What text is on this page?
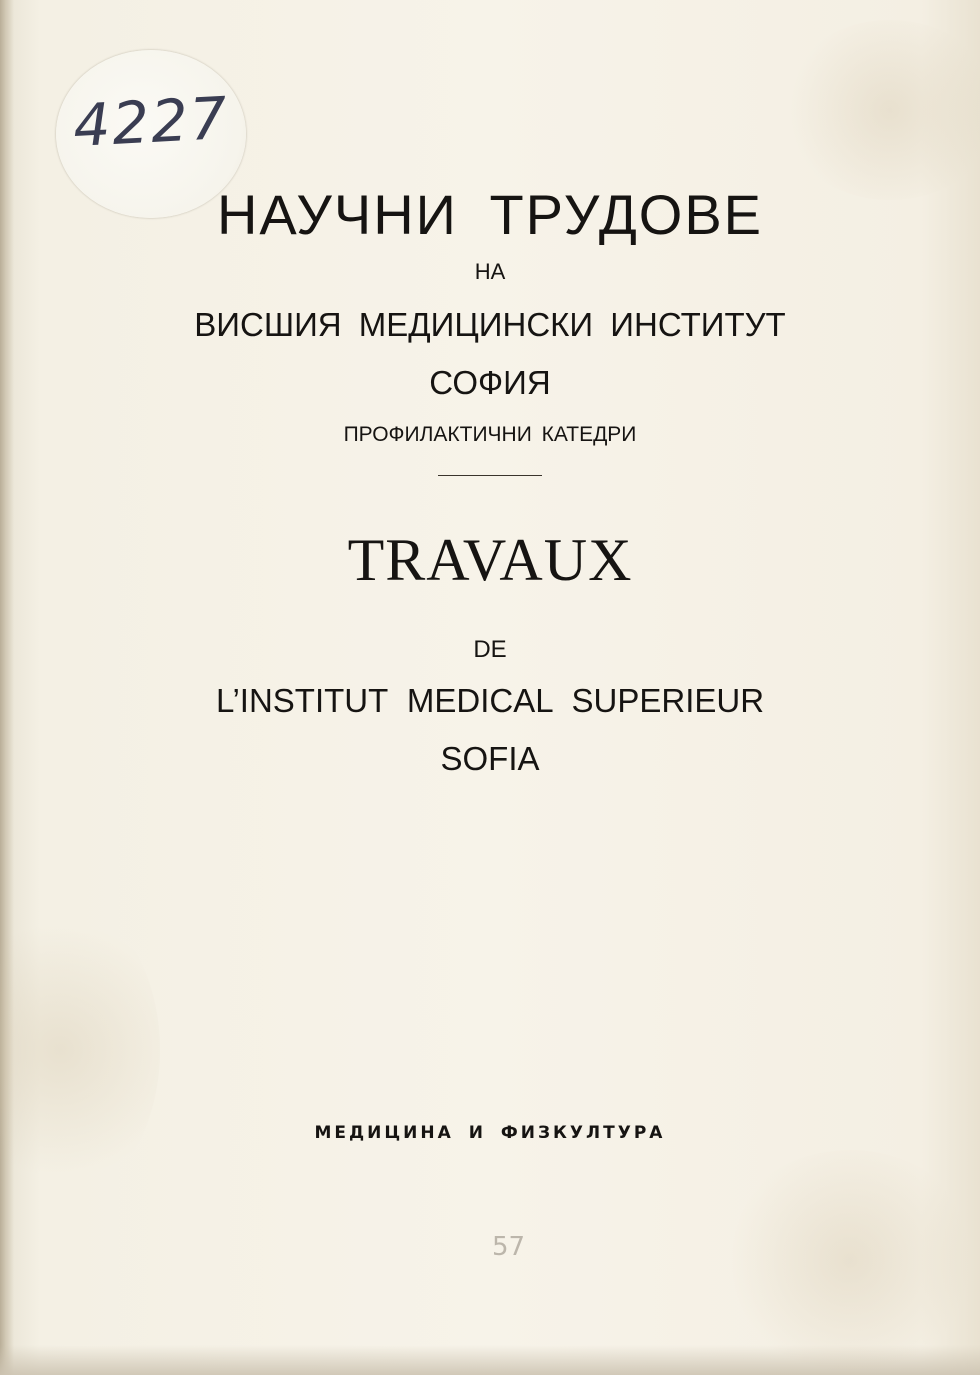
4227
НАУЧНИ ТРУДОВЕ
НА
ВИСШИЯ МЕДИЦИНСКИ ИНСТИТУТ
СОФИЯ
ПРОФИЛАКТИЧНИ КАТЕДРИ
TRAVAUX
DE
L’INSTITUT MEDICAL SUPERIEUR
SOFIA
МЕДИЦИНА И ФИЗКУЛТУРА
57
